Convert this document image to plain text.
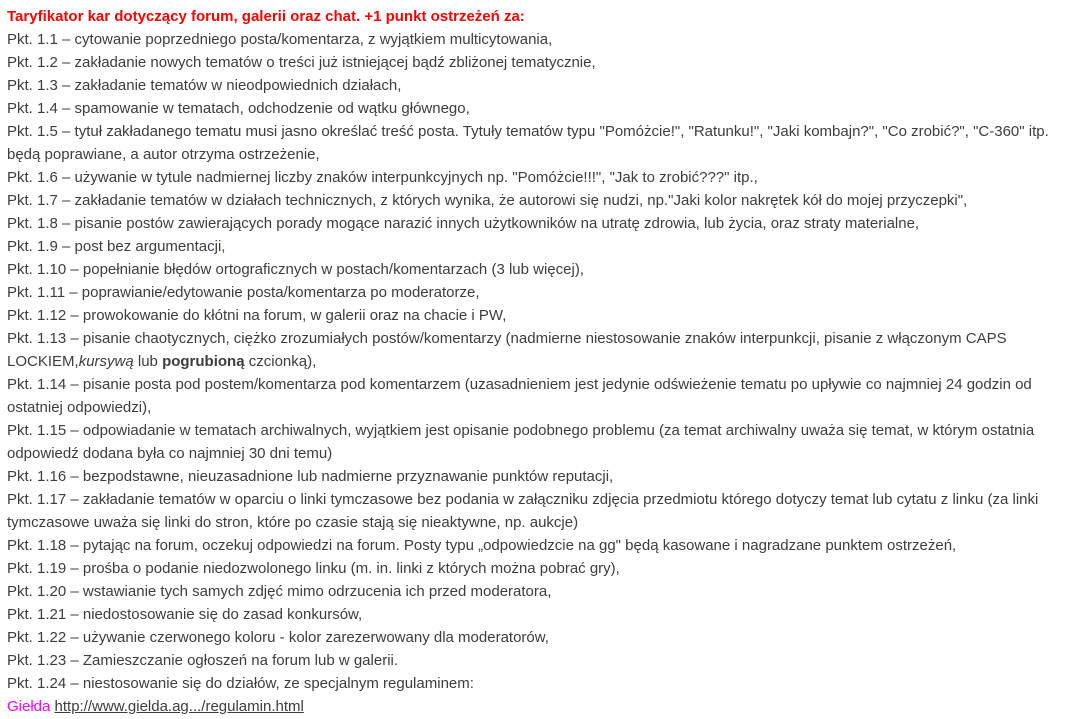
Taryfikator kar dotyczący forum, galerii oraz chat. +1 punkt ostrzeżeń za:

Pkt. 1.1 – cytowanie poprzedniego posta/komentarza, z wyjątkiem multicytowania,

Pkt. 1.2 – zakładanie nowych tematów o treści już istniejącej bądź zbliżonej tematycznie,

Pkt. 1.3 – zakładanie tematów w nieodpowiednich działach,

Pkt. 1.4 – spamowanie w tematach, odchodzenie od wątku głównego,

Pkt. 1.5 – tytuł zakładanego tematu musi jasno określać treść posta. Tytuły tematów typu "Pomóżcie!", "Ratunku!", "Jaki kombajn?", "Co zrobić?", "C-360" itp. będą poprawiane, a autor otrzyma ostrzeżenie,

Pkt. 1.6 – używanie w tytule nadmiernej liczby znaków interpunkcyjnych np. "Pomóżcie!!!", "Jak to zrobić???" itp.,

Pkt. 1.7 – zakładanie tematów w działach technicznych, z których wynika, że autorowi się nudzi, np."Jaki kolor nakrętek kół do mojej przyczepki",

Pkt. 1.8 – pisanie postów zawierających porady mogące narazić innych użytkowników na utratę zdrowia, lub życia, oraz straty materialne,

Pkt. 1.9 – post bez argumentacji,

Pkt. 1.10 – popełnianie błędów ortograficznych w postach/komentarzach (3 lub więcej),

Pkt. 1.11 – poprawianie/edytowanie posta/komentarza po moderatorze,

Pkt. 1.12 – prowokowanie do kłótni na forum, w galerii oraz na chacie i PW,

Pkt. 1.13 – pisanie chaotycznych, ciężko zrozumiałych postów/komentarzy (nadmierne niestosowanie znaków interpunkcji, pisanie z włączonym CAPS LOCKIEM,kursywą lub pogrubioną czcionką),

Pkt. 1.14 – pisanie posta pod postem/komentarza pod komentarzem (uzasadnieniem jest jedynie odświeżenie tematu po upływie co najmniej 24 godzin od ostatniej odpowiedzi),

Pkt. 1.15 – odpowiadanie w tematach archiwalnych, wyjątkiem jest opisanie podobnego problemu (za temat archiwalny uważa się temat, w którym ostatnia odpowiedź dodana była co najmniej 30 dni temu)

Pkt. 1.16 – bezpodstawne, nieuzasadnione lub nadmierne przyznawanie punktów reputacji,

Pkt. 1.17 – zakładanie tematów w oparciu o linki tymczasowe bez podania w załączniku zdjęcia przedmiotu którego dotyczy temat lub cytatu z linku (za linki tymczasowe uważa się linki do stron, które po czasie stają się nieaktywne, np. aukcje)

Pkt. 1.18 – pytając na forum, oczekuj odpowiedzi na forum. Posty typu „odpowiedzcie na gg" będą kasowane i nagradzane punktem ostrzeżeń,

Pkt. 1.19 – prośba o podanie niedozwolonego linku (m. in. linki z których można pobrać gry),

Pkt. 1.20 – wstawianie tych samych zdjęć mimo odrzucenia ich przed moderatora,

Pkt. 1.21 – niedostosowanie się do zasad konkursów,

Pkt. 1.22 – używanie czerwonego koloru - kolor zarezerwowany dla moderatorów,

Pkt. 1.23 – Zamieszczanie ogłoszeń na forum lub w galerii.

Pkt. 1.24 – niestosowanie się do działów, ze specjalnym regulaminem:

Giełda http://www.gielda.ag.../regulamin.html
